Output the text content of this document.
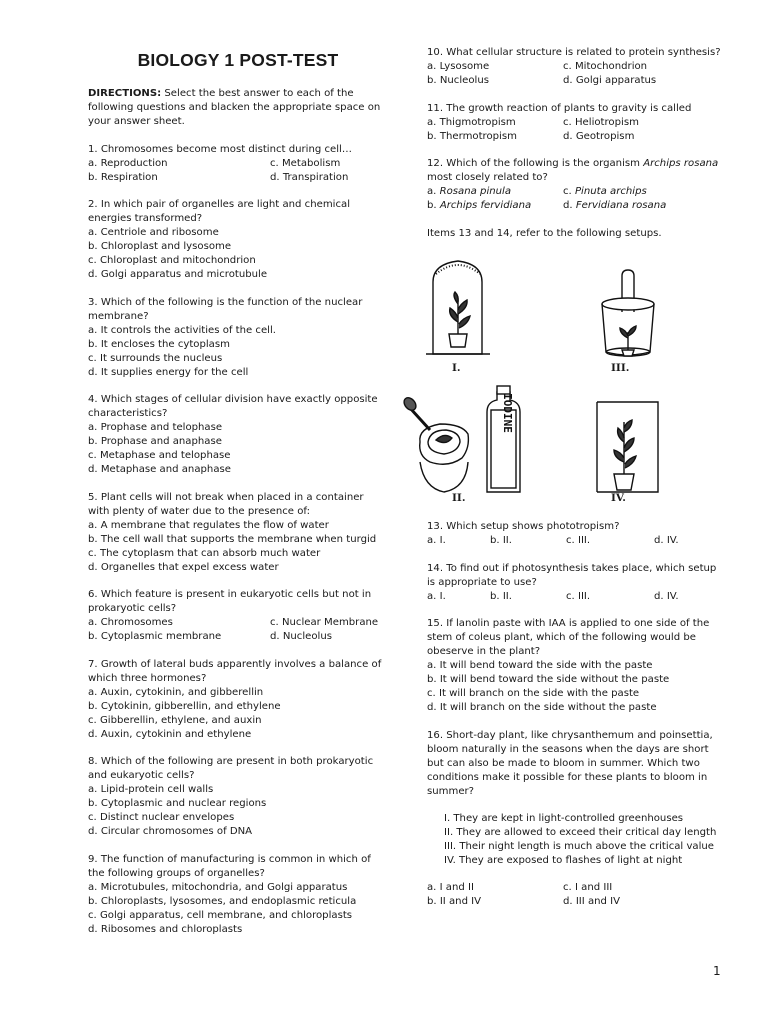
BIOLOGY 1 POST-TEST

DIRECTIONS: Select the best answer to each of the following questions and blacken the appropriate space on your answer sheet.

1. Chromosomes become most distinct during cell…
a. Reproduction	c. Metabolism
b. Respiration	d. Transpiration
2. In which pair of organelles are light and chemical energies transformed?
a. Centriole and ribosome
b. Chloroplast and lysosome
c. Chloroplast and mitochondrion
d. Golgi apparatus and microtubule
3. Which of the following is the function of the nuclear membrane?
a. It controls the activities of the cell.
b. It encloses the cytoplasm
c. It surrounds the nucleus
d. It supplies energy for the cell
4. Which stages of cellular division have exactly opposite characteristics?
a. Prophase and telophase
b. Prophase and anaphase
c. Metaphase and telophase
d. Metaphase and anaphase
5. Plant cells will not break when placed in a container with plenty of water due to the presence of:
a. A membrane that regulates the flow of water
b. The cell wall that supports the membrane when turgid
c. The cytoplasm that can absorb much water
d. Organelles that expel excess water
6. Which feature is present in eukaryotic cells but not in prokaryotic cells?
a. Chromosomes	c. Nuclear Membrane
b. Cytoplasmic membrane	d. Nucleolus
7. Growth of lateral buds apparently involves a balance of which three hormones?
a. Auxin, cytokinin, and gibberellin
b. Cytokinin, gibberellin, and ethylene
c. Gibberellin, ethylene, and auxin
d. Auxin, cytokinin and ethylene
8. Which of the following are present in both prokaryotic and eukaryotic cells?
a. Lipid-protein cell walls
b. Cytoplasmic and nuclear regions
c. Distinct nuclear envelopes
d. Circular chromosomes of DNA
9. The function of manufacturing is common in which of the following groups of organelles?
a. Microtubules, mitochondria, and Golgi apparatus
b. Chloroplasts, lysosomes, and endoplasmic reticula
c. Golgi apparatus, cell membrane, and chloroplasts
d. Ribosomes and chloroplasts
10. What cellular structure is related to protein synthesis?
a. Lysosome	c. Mitochondrion
b. Nucleolus	d. Golgi apparatus
11. The growth reaction of plants to gravity is called
a. Thigmotropism	c. Heliotropism
b. Thermotropism	d. Geotropism
12. Which of the following is the organism Archips rosana most closely related to?
a. Rosana pinula	c. Pinuta archips
b. Archips fervidiana	d. Fervidiana rosana
Items 13 and 14, refer to the following setups.
IODINE
I.	III.
II.	IV.
13. Which setup shows phototropism?
a. I.	b. II.	c. III.	d. IV.
14. To find out if photosynthesis takes place, which setup is appropriate to use?
a. I.	b. II.	c. III.	d. IV.
15. If lanolin paste with IAA is applied to one side of the stem of coleus plant, which of the following would be obeserve in the plant?
a. It will bend toward the side with the paste
b. It will bend toward the side without the paste
c. It will branch on the side with the paste
d. It will branch on the side without the paste
16. Short-day plant, like chrysanthemum and poinsettia, bloom naturally in the seasons when the days are short but can also be made to bloom in summer. Which two conditions make it possible for these plants to bloom in summer?
I. They are kept in light-controlled greenhouses
II. They are allowed to exceed their critical day length
III. Their night length is much above the critical value
IV. They are exposed to flashes of light at night
a. I and II	c. I and III
b. II and IV	d. III and IV
1
